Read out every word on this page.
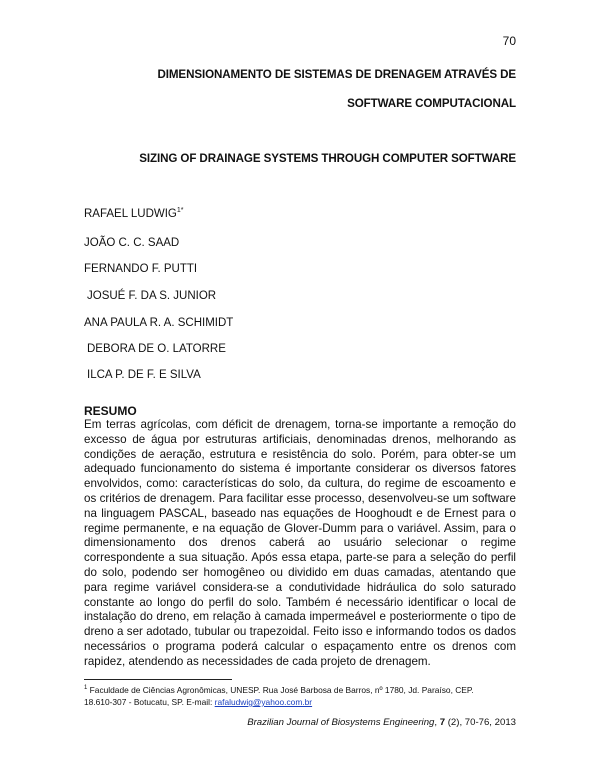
70
DIMENSIONAMENTO DE SISTEMAS DE DRENAGEM ATRAVÉS DE
SOFTWARE COMPUTACIONAL
SIZING OF DRAINAGE SYSTEMS THROUGH COMPUTER SOFTWARE
RAFAEL $LUDWIG^{1*}$
JOÃO C. C. SAAD
FERNANDO F. PUTTI
JOSUÉ F. DA S. JUNIOR
ANA PAULA R. A. SCHIMIDT
DEBORA DE O. LATORRE
ILCA P. DE F. E SILVA
RESUMO
Em terras agrícolas, com déficit de drenagem, torna-se importante a remoção do excesso de água por estruturas artificiais, denominadas drenos, melhorando as condições de aeração, estrutura e resistência do solo. Porém, para obter-se um adequado funcionamento do sistema é importante considerar os diversos fatores envolvidos, como: características do solo, da cultura, do regime de escoamento e os critérios de drenagem. Para facilitar esse processo, desenvolveu-se um software na linguagem PASCAL, baseado nas equações de Hooghoudt e de Ernest para o regime permanente, e na equação de Glover-Dumm para o variável. Assim, para o dimensionamento dos drenos caberá ao usuário selecionar o regime correspondente a sua situação. Após essa etapa, parte-se para a seleção do perfil do solo, podendo ser homogêneo ou dividido em duas camadas, atentando que para regime variável considera-se a condutividade hidráulica do solo saturado constante ao longo do perfil do solo. Também é necessário identificar o local de instalação do dreno, em relação à camada impermeável e posteriormente o tipo de dreno a ser adotado, tubular ou trapezoidal. Feito isso e informando todos os dados necessários o programa poderá calcular o espaçamento entre os drenos com rapidez, atendendo as necessidades de cada projeto de drenagem.
$^1$ Faculdade de Ciências Agronômicas, UNESP. Rua José Barbosa de Barros, nº 1780, Jd. Paraíso, CEP.
18.610-307 - Botucatu, SP. E-mail: rafaludwig@yahoo.com.br
Brazilian Journal of Biosystems Engineering, 7 (2), 70-76, 2013
